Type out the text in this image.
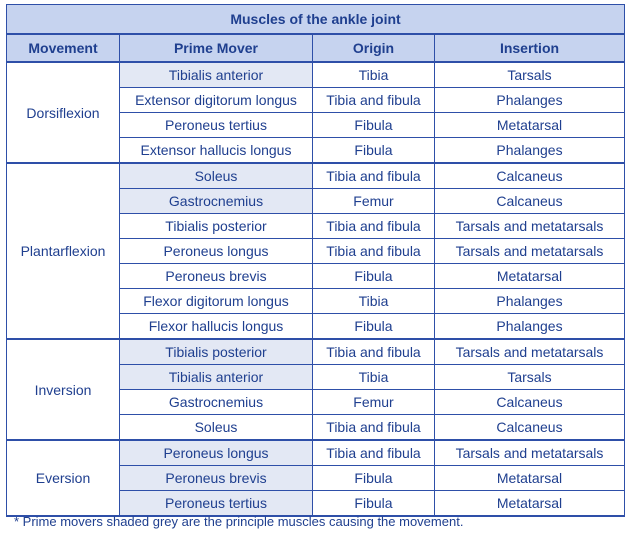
Muscles of the ankle joint			
Movement	Prime Mover	Origin	Insertion
Dorsiflexion	Tibialis anterior	Tibia	Tarsals
	Extensor digitorum longus	Tibia and fibula	Phalanges
	Peroneus tertius	Fibula	Metatarsal
	Extensor hallucis longus	Fibula	Phalanges
Plantarflexion	Soleus	Tibia and fibula	Calcaneus
	Gastrocnemius	Femur	Calcaneus
	Tibialis posterior	Tibia and fibula	Tarsals and metatarsals
	Peroneus longus	Tibia and fibula	Tarsals and metatarsals
	Peroneus brevis	Fibula	Metatarsal
	Flexor digitorum longus	Tibia	Phalanges
	Flexor hallucis longus	Fibula	Phalanges
Inversion	Tibialis posterior	Tibia and fibula	Tarsals and metatarsals
	Tibialis anterior	Tibia	Tarsals
	Gastrocnemius	Femur	Calcaneus
	Soleus	Tibia and fibula	Calcaneus
Eversion	Peroneus longus	Tibia and fibula	Tarsals and metatarsals
	Peroneus brevis	Fibula	Metatarsal
	Peroneus tertius	Fibula	Metatarsal
* Prime movers shaded grey are the principle muscles causing the movement.
